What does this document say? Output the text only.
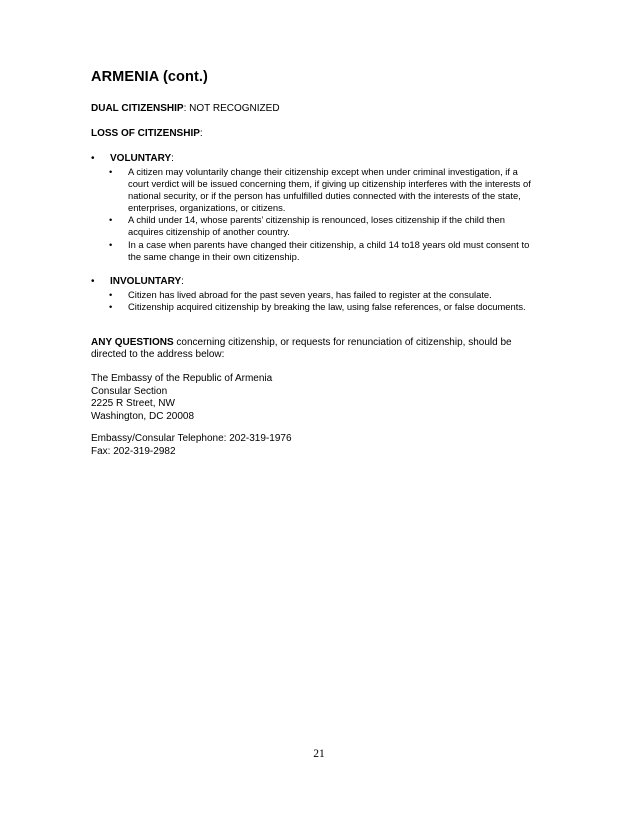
ARMENIA (cont.)
DUAL CITIZENSHIP: NOT RECOGNIZED
LOSS OF CITIZENSHIP:
•	VOLUNTARY:
• A citizen may voluntarily change their citizenship except when under criminal investigation, if a court verdict will be issued concerning them, if giving up citizenship interferes with the interests of national security, or if the person has unfulfilled duties connected with the interests of the state, enterprises, organizations, or citizens.
• A child under 14, whose parents’ citizenship is renounced, loses citizenship if the child then acquires citizenship of another country.
• In a case when parents have changed their citizenship, a child 14 to18 years old must consent to the same change in their own citizenship.
•	INVOLUNTARY:
• Citizen has lived abroad for the past seven years, has failed to register at the consulate.
• Citizenship acquired citizenship by breaking the law, using false references, or false documents.
ANY QUESTIONS concerning citizenship, or requests for renunciation of citizenship, should be
directed to the address below:
The Embassy of the Republic of Armenia
Consular Section
2225 R Street, NW
Washington, DC 20008
Embassy/Consular Telephone: 202-319-1976
Fax: 202-319-2982
21
